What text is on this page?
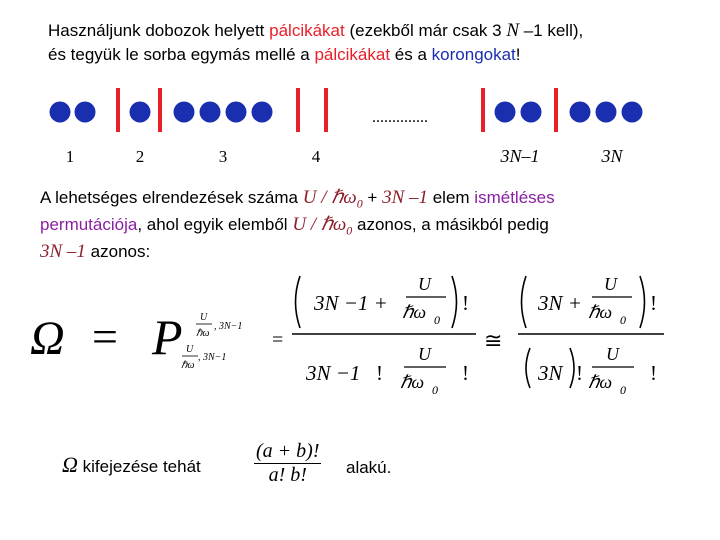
Használjunk dobozok helyett pálcikákat (ezekből már csak 3 N –1 kell),
és tegyük le sorba egymás mellé a pálcikákat és a korongokat!
..............
1	2	3	4	3N–1	3N
A lehetséges elrendezések száma U / ℏω$_0$ + 3N –1 elem ismétléses
permutációja, ahol egyik elemből U / ℏω$_0$ azonos, a másikból pedig
3N –1 azonos:
Ω = P U
ℏω
, 3N−1
U
ℏω
, 3N−1
=
3N −1 +
U
ℏω 0
!
3N −1 !
U
ℏω 0
!
≅
3N +
U
ℏω 0
!
3N !
U
ℏω 0
!
Ω kifejezése tehát	$\frac{(a + b)!}{a! b!}$ alakú.
